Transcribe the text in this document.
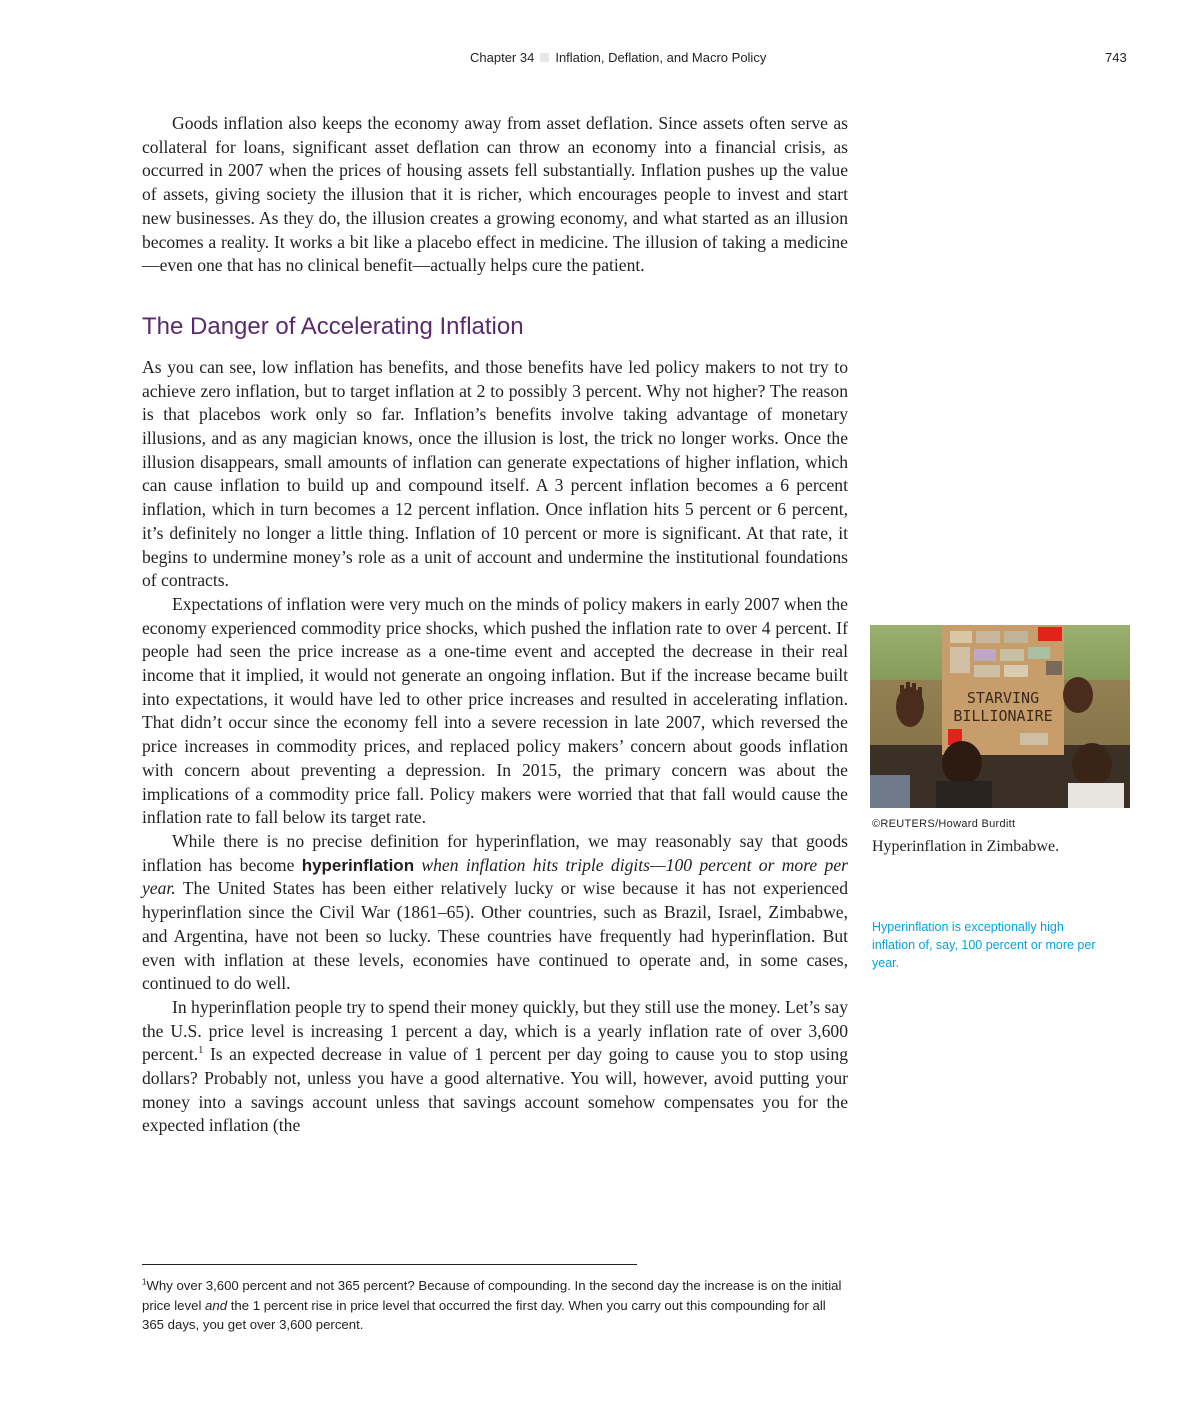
Chapter 34 Inflation, Deflation, and Macro Policy	743

Goods inflation also keeps the economy away from asset deflation. Since assets often serve as collateral for loans, significant asset deflation can throw an economy into a financial crisis, as occurred in 2007 when the prices of housing assets fell substantially. Inflation pushes up the value of assets, giving society the illusion that it is richer, which encourages people to invest and start new businesses. As they do, the illusion creates a growing economy, and what started as an illusion becomes a reality. It works a bit like a placebo effect in medicine. The illusion of taking a medicine—even one that has no clinical benefit—actually helps cure the patient.

The Danger of Accelerating Inflation

As you can see, low inflation has benefits, and those benefits have led policy makers to not try to achieve zero inflation, but to target inflation at 2 to possibly 3 percent. Why not higher? The reason is that placebos work only so far. Inflation’s benefits involve taking advantage of monetary illusions, and as any magician knows, once the illusion is lost, the trick no longer works. Once the illusion disappears, small amounts of inflation can generate expectations of higher inflation, which can cause inflation to build up and compound itself. A 3 percent inflation becomes a 6 percent inflation, which in turn becomes a 12 percent inflation. Once inflation hits 5 percent or 6 percent, it’s definitely no longer a little thing. Inflation of 10 percent or more is significant. At that rate, it begins to undermine money’s role as a unit of account and undermine the institutional foundations of contracts.

Expectations of inflation were very much on the minds of policy makers in early 2007 when the economy experienced commodity price shocks, which pushed the inflation rate to over 4 percent. If people had seen the price increase as a one-time event and accepted the decrease in their real income that it implied, it would not generate an ongoing inflation. But if the increase became built into expectations, it would have led to other price increases and resulted in accelerating inflation. That didn’t occur since the economy fell into a severe recession in late 2007, which reversed the price increases in commodity prices, and replaced policy makers’ concern about goods inflation with concern about preventing a depression. In 2015, the primary concern was about the implications of a commodity price fall. Policy makers were worried that that fall would cause the inflation rate to fall below its target rate.

While there is no precise definition for hyperinflation, we may reasonably say that goods inflation has become hyperinflation when inflation hits triple digits—100 percent or more per year. The United States has been either relatively lucky or wise because it has not experienced hyperinflation since the Civil War (1861–65). Other countries, such as Brazil, Israel, Zimbabwe, and Argentina, have not been so lucky. These countries have frequently had hyperinflation. But even with inflation at these levels, economies have continued to operate and, in some cases, continued to do well.

In hyperinflation people try to spend their money quickly, but they still use the money. Let’s say the U.S. price level is increasing 1 percent a day, which is a yearly inflation rate of over 3,600 percent.$^1$ Is an expected decrease in value of 1 percent per day going to cause you to stop using dollars? Probably not, unless you have a good alternative. You will, however, avoid putting your money into a savings account unless that savings account somehow compensates you for the expected inflation (the

STARVING
BILLIONAIRE
©REUTERS/Howard Burditt
Hyperinflation in Zimbabwe.
Hyperinflation is exceptionally high inflation of, say, 100 percent or more per year.
$^1$Why over 3,600 percent and not 365 percent? Because of compounding. In the second day the increase is on the initial price level and the 1 percent rise in price level that occurred the first day. When you carry out this compounding for all 365 days, you get over 3,600 percent.
